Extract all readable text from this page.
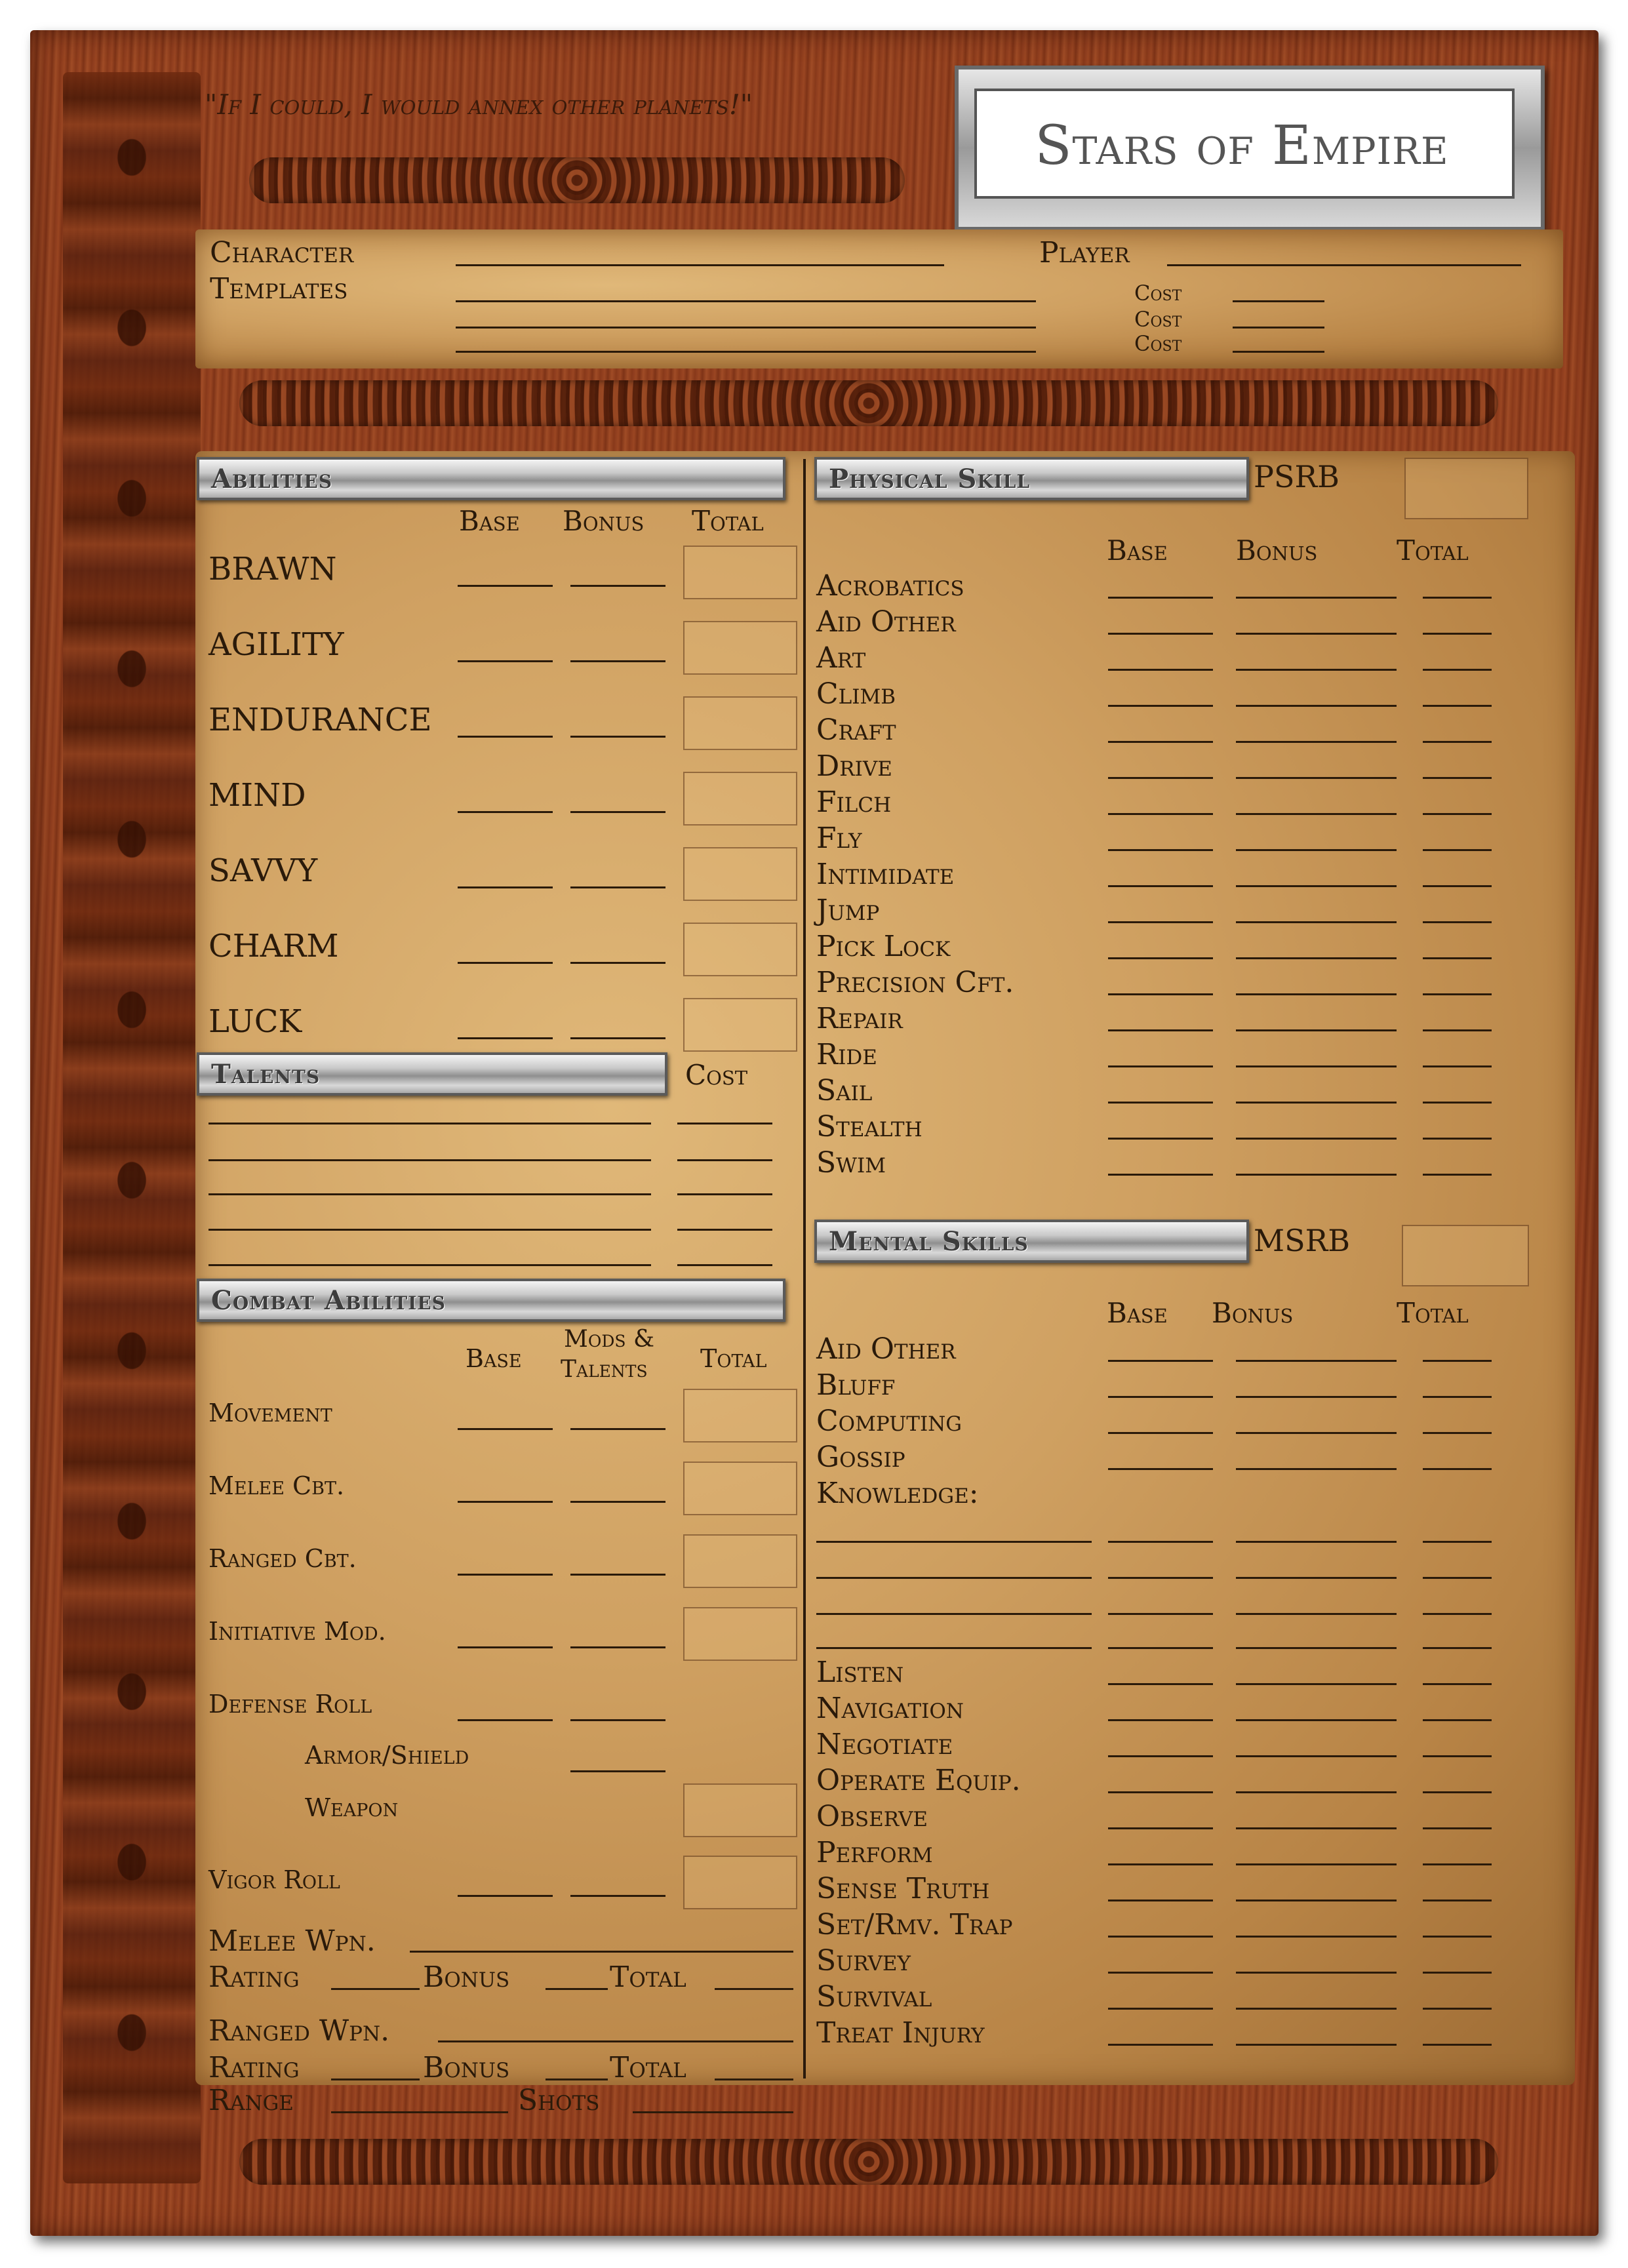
Stars of Empire
"If I could, I would annex other planets!"
Character
Templates
Player
Cost
Cost
Cost
Abilities
Base Bonus Total
BRAWN
AGILITY
ENDURANCE
MIND
SAVVY
CHARM
LUCK
Talents	Cost
Combat Abilities
Base
Mods &
Talents Total
Movement
Melee Cbt.
Ranged Cbt.
Initiative Mod.
Defense Roll
Armor/Shield
Weapon
Vigor Roll
Melee Wpn.
Rating	Bonus	Total
Ranged Wpn.
Rating	Bonus	Total
Range	Shots
Physical Skill	PSRB
Base Bonus	Total
Acrobatics
Aid Other
Art
Climb
Craft
Drive
Filch
Fly
Intimidate
Jump
Pick Lock
Precision Cft.
Repair
Ride
Sail
Stealth
Swim
Mental Skills	MSRB
Base Bonus	Total
Aid Other
Bluff
Computing
Gossip
Knowledge:
Listen
Navigation
Negotiate
Operate Equip.
Observe
Perform
Sense Truth
Set/Rmv. Trap
Survey
Survival
Treat Injury
